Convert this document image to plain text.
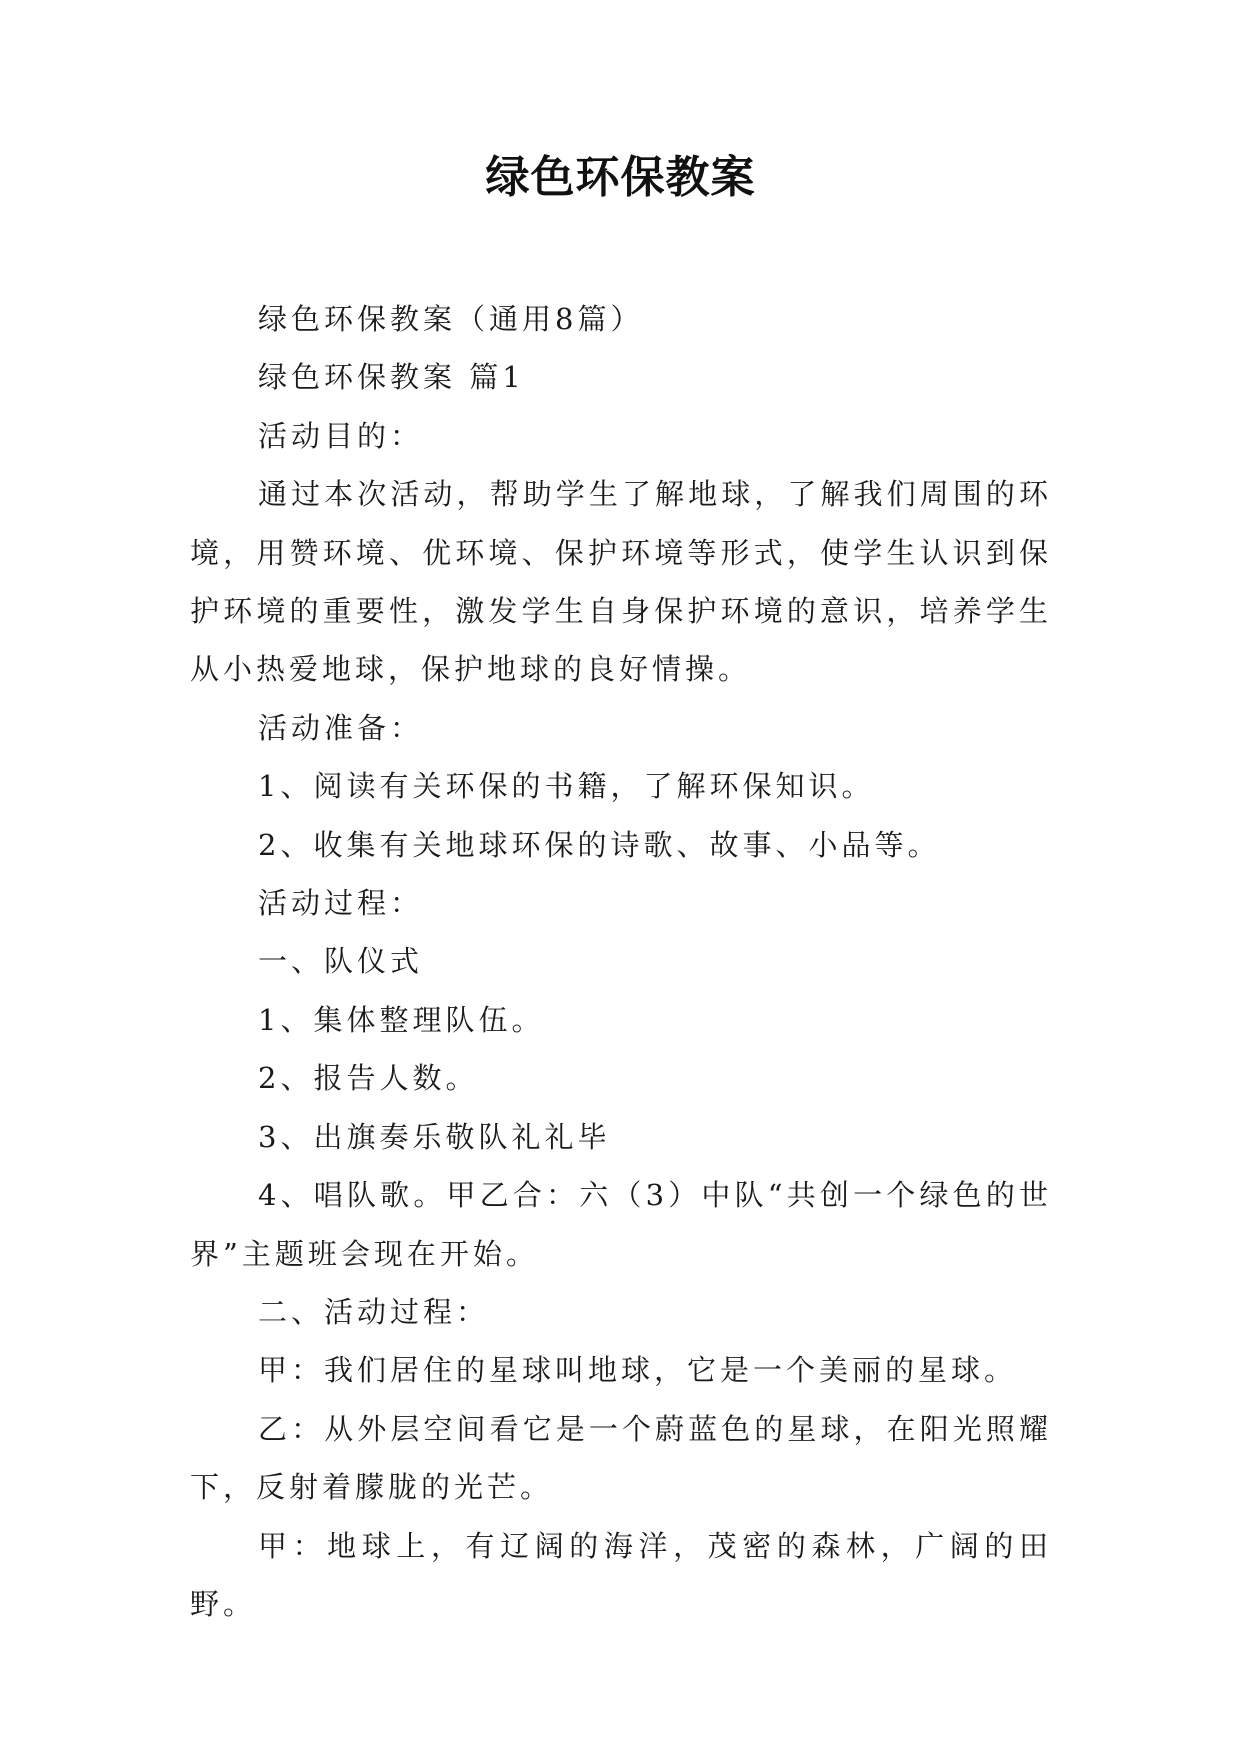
绿色环保教案

绿色环保教案（通用8篇）

绿色环保教案 篇1

活动目的：

通过本次活动，帮助学生了解地球，了解我们周围的环境，用赞环境、优环境、保护环境等形式，使学生认识到保护环境的重要性，激发学生自身保护环境的意识，培养学生从小热爱地球，保护地球的良好情操。

活动准备：

1、阅读有关环保的书籍，了解环保知识。

2、收集有关地球环保的诗歌、故事、小品等。

活动过程：

一、队仪式

1、集体整理队伍。

2、报告人数。

3、出旗奏乐敬队礼礼毕

4、唱队歌。甲乙合：六（3）中队“共创一个绿色的世界”主题班会现在开始。

二、活动过程：

甲：我们居住的星球叫地球，它是一个美丽的星球。

乙：从外层空间看它是一个蔚蓝色的星球，在阳光照耀下，反射着朦胧的光芒。

甲：地球上，有辽阔的海洋，茂密的森林，广阔的田野。
